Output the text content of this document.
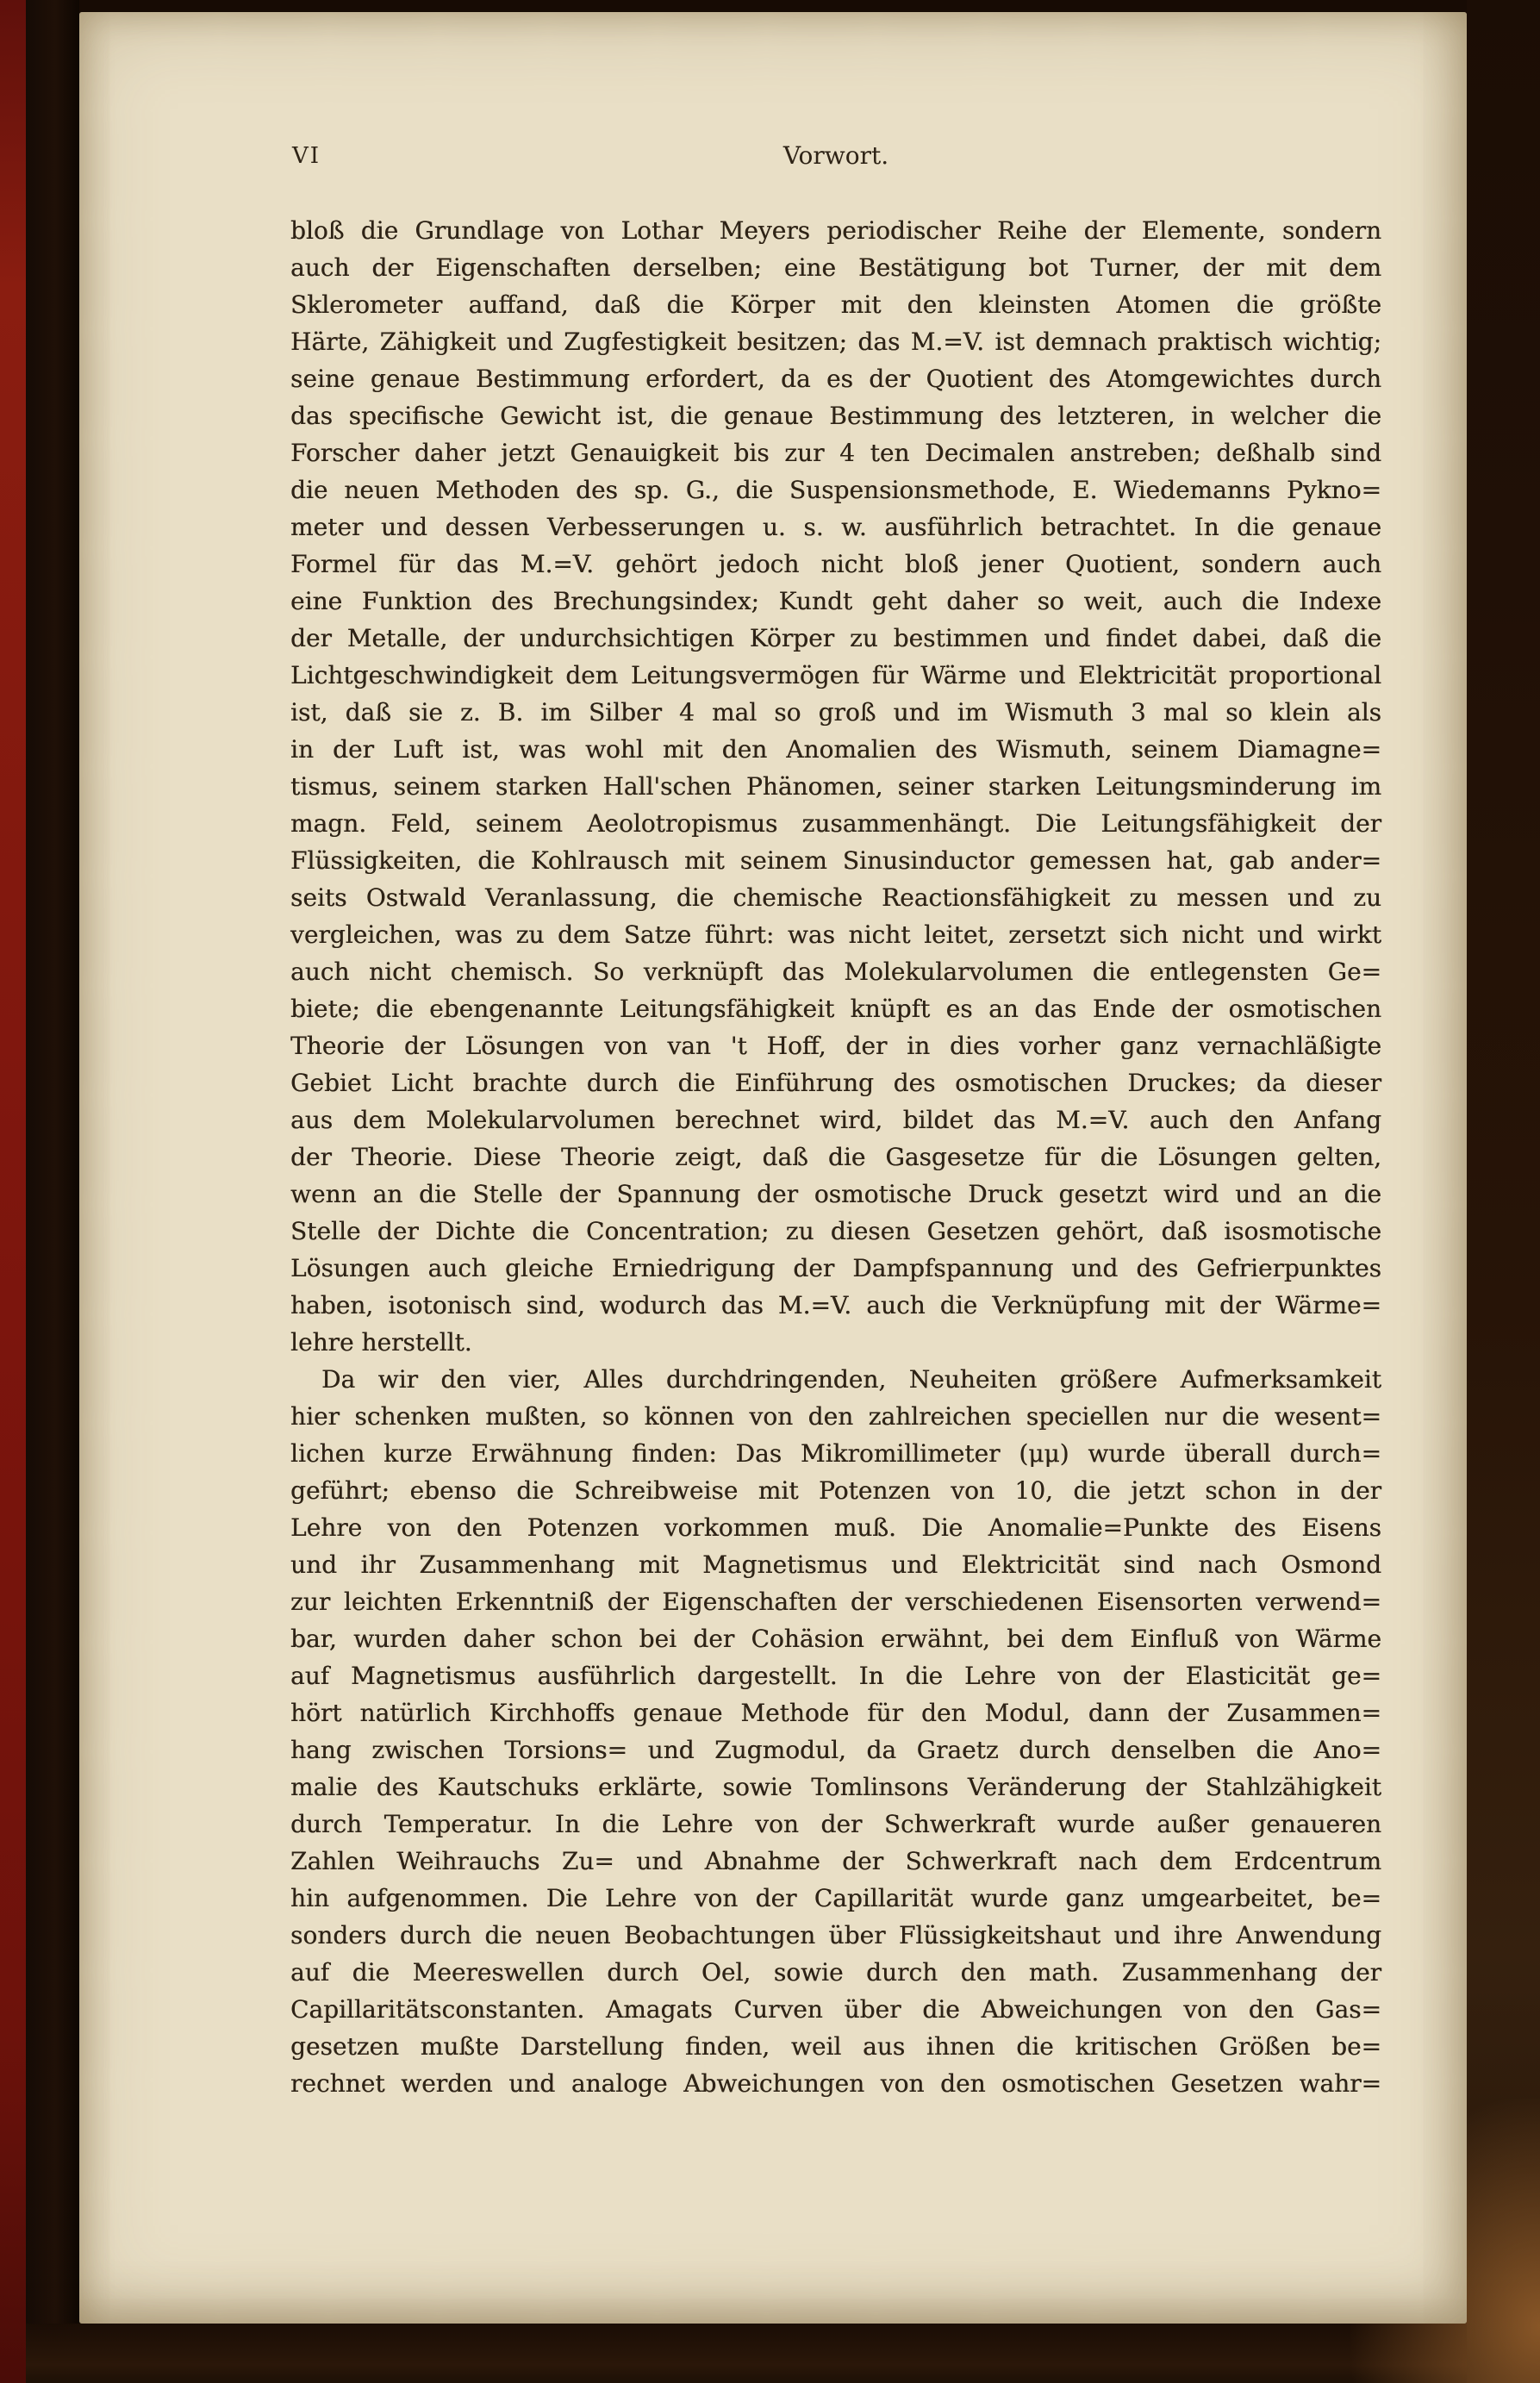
VI	Vorwort.
bloß die Grundlage von Lothar Meyers periodischer Reihe der Elemente, sondern
auch der Eigenschaften derselben; eine Bestätigung bot Turner, der mit dem
Sklerometer auffand, daß die Körper mit den kleinsten Atomen die größte
Härte, Zähigkeit und Zugfestigkeit besitzen; das M.=V. ist demnach praktisch wichtig;
seine genaue Bestimmung erfordert, da es der Quotient des Atomgewichtes durch
das specifische Gewicht ist, die genaue Bestimmung des letzteren, in welcher die
Forscher daher jetzt Genauigkeit bis zur 4 ten Decimalen anstreben; deßhalb sind
die neuen Methoden des sp. G., die Suspensionsmethode, E. Wiedemanns Pykno=
meter und dessen Verbesserungen u. s. w. ausführlich betrachtet. In die genaue
Formel für das M.=V. gehört jedoch nicht bloß jener Quotient, sondern auch
eine Funktion des Brechungsindex; Kundt geht daher so weit, auch die Indexe
der Metalle, der undurchsichtigen Körper zu bestimmen und findet dabei, daß die
Lichtgeschwindigkeit dem Leitungsvermögen für Wärme und Elektricität proportional
ist, daß sie z. B. im Silber 4 mal so groß und im Wismuth 3 mal so klein als
in der Luft ist, was wohl mit den Anomalien des Wismuth, seinem Diamagne=
tismus, seinem starken Hall'schen Phänomen, seiner starken Leitungsminderung im
magn. Feld, seinem Aeolotropismus zusammenhängt. Die Leitungsfähigkeit der
Flüssigkeiten, die Kohlrausch mit seinem Sinusinductor gemessen hat, gab ander=
seits Ostwald Veranlassung, die chemische Reactionsfähigkeit zu messen und zu
vergleichen, was zu dem Satze führt: was nicht leitet, zersetzt sich nicht und wirkt
auch nicht chemisch. So verknüpft das Molekularvolumen die entlegensten Ge=
biete; die ebengenannte Leitungsfähigkeit knüpft es an das Ende der osmotischen
Theorie der Lösungen von van 't Hoff, der in dies vorher ganz vernachläßigte
Gebiet Licht brachte durch die Einführung des osmotischen Druckes; da dieser
aus dem Molekularvolumen berechnet wird, bildet das M.=V. auch den Anfang
der Theorie. Diese Theorie zeigt, daß die Gasgesetze für die Lösungen gelten,
wenn an die Stelle der Spannung der osmotische Druck gesetzt wird und an die
Stelle der Dichte die Concentration; zu diesen Gesetzen gehört, daß isosmotische
Lösungen auch gleiche Erniedrigung der Dampfspannung und des Gefrierpunktes
haben, isotonisch sind, wodurch das M.=V. auch die Verknüpfung mit der Wärme=
lehre herstellt.
Da wir den vier, Alles durchdringenden, Neuheiten größere Aufmerksamkeit
hier schenken mußten, so können von den zahlreichen speciellen nur die wesent=
lichen kurze Erwähnung finden: Das Mikromillimeter (μμ) wurde überall durch=
geführt; ebenso die Schreibweise mit Potenzen von 10, die jetzt schon in der
Lehre von den Potenzen vorkommen muß. Die Anomalie=Punkte des Eisens
und ihr Zusammenhang mit Magnetismus und Elektricität sind nach Osmond
zur leichten Erkenntniß der Eigenschaften der verschiedenen Eisensorten verwend=
bar, wurden daher schon bei der Cohäsion erwähnt, bei dem Einfluß von Wärme
auf Magnetismus ausführlich dargestellt. In die Lehre von der Elasticität ge=
hört natürlich Kirchhoffs genaue Methode für den Modul, dann der Zusammen=
hang zwischen Torsions= und Zugmodul, da Graetz durch denselben die Ano=
malie des Kautschuks erklärte, sowie Tomlinsons Veränderung der Stahlzähigkeit
durch Temperatur. In die Lehre von der Schwerkraft wurde außer genaueren
Zahlen Weihrauchs Zu= und Abnahme der Schwerkraft nach dem Erdcentrum
hin aufgenommen. Die Lehre von der Capillarität wurde ganz umgearbeitet, be=
sonders durch die neuen Beobachtungen über Flüssigkeitshaut und ihre Anwendung
auf die Meereswellen durch Oel, sowie durch den math. Zusammenhang der
Capillaritätsconstanten. Amagats Curven über die Abweichungen von den Gas=
gesetzen mußte Darstellung finden, weil aus ihnen die kritischen Größen be=
rechnet werden und analoge Abweichungen von den osmotischen Gesetzen wahr=
